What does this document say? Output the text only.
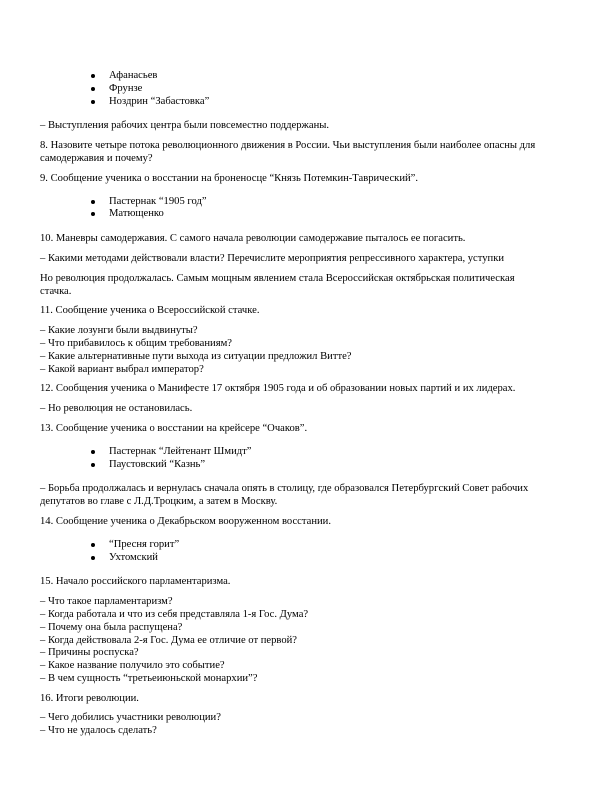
Афанасьев
Фрунзе
Ноздрин “Забастовка”

– Выступления рабочих центра были повсеместно поддержаны.

8. Назовите четыре потока революционного движения в России. Чьи выступления были наиболее опасны для

самодержавия и почему?

9. Сообщение ученика о восстании на броненосце “Князь Потемкин-Таврический”.

Пастернак “1905 год”
Матющенко

10. Маневры самодержавия. С самого начала революции самодержавие пыталось ее погасить.

– Какими методами действовали власти? Перечислите мероприятия репрессивного характера, уступки

Но революция продолжалась. Самым мощным явлением стала Всероссийская октябрьская политическая

стачка.

11. Сообщение ученика о Всероссийской стачке.

– Какие лозунги были выдвинуты?

– Что прибавилось к общим требованиям?

– Какие альтернативные пути выхода из ситуации предложил Витте?

– Какой вариант выбрал император?

12. Сообщения ученика о Манифесте 17 октября 1905 года и об образовании новых партий и их лидерах.

– Но революция не остановилась.

13. Сообщение ученика о восстании на крейсере “Очаков”.

Пастернак “Лейтенант Шмидт”
Паустовский “Казнь”

– Борьба продолжалась и вернулась сначала опять в столицу, где образовался Петербургский Совет рабочих

депутатов во главе с Л.Д.Троцким, а затем в Москву.

14. Сообщение ученика о Декабрьском вооруженном восстании.

“Пресня горит”
Ухтомский

15. Начало российского парламентаризма.

– Что такое парламентаризм?

– Когда работала и что из себя представляла 1-я Гос. Дума?

– Почему она была распущена?

– Когда действовала 2-я Гос. Дума ее отличие от первой?

– Причины роспуска?

– Какое название получило это событие?

– В чем сущность “третьеиюньской монархии”?

16. Итоги революции.

– Чего добились участники революции?

– Что не удалось сделать?
